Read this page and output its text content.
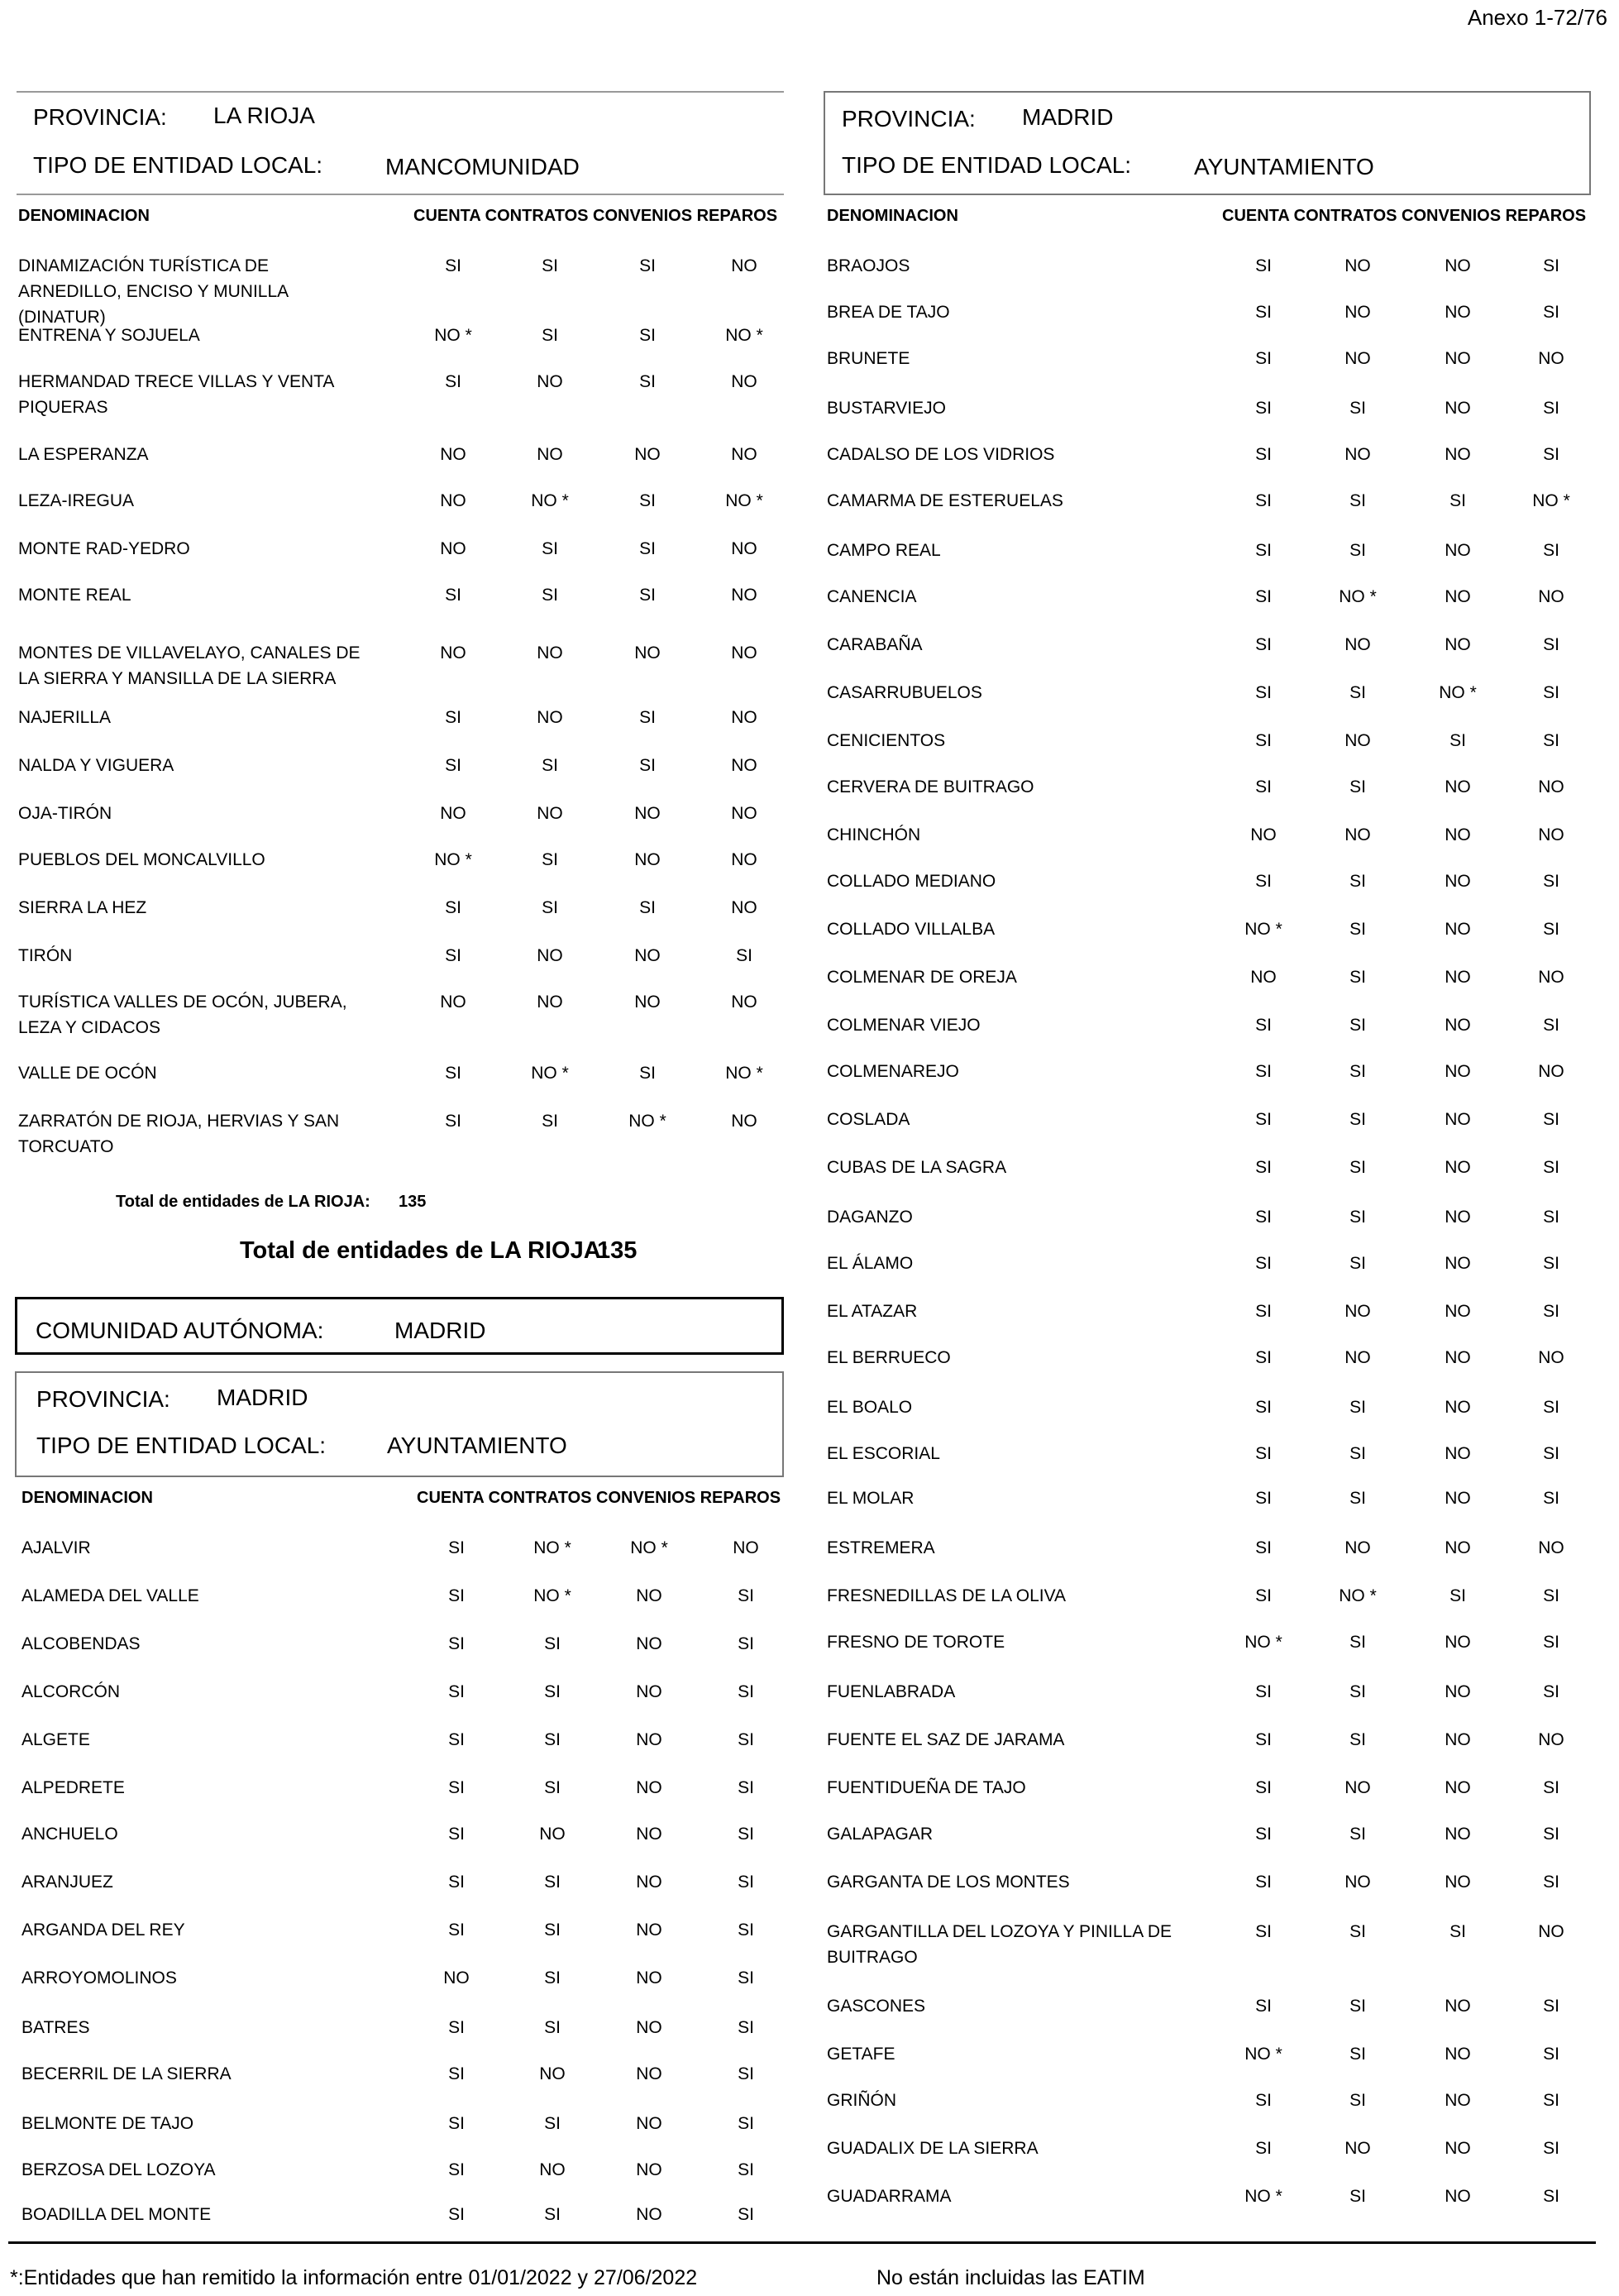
Anexo 1-72/76
PROVINCIA: LA RIOJA
TIPO DE ENTIDAD LOCAL:	MANCOMUNIDAD
DENOMINACION	CUENTA CONTRATOS CONVENIOS REPAROS
DINAMIZACIÓN TURÍSTICA DE ARNEDILLO, ENCISO Y MUNILLA (DINATUR)
SI	SI	SI	NO
ENTRENA Y SOJUELA	NO *	SI	SI	NO *
HERMANDAD TRECE VILLAS Y VENTA PIQUERAS
SI	NO	SI	NO
LA ESPERANZA	NO	NO	NO	NO
LEZA-IREGUA	NO	NO *	SI	NO *
MONTE RAD-YEDRO	NO	SI	SI	NO
MONTE REAL	SI	SI	SI	NO
MONTES DE VILLAVELAYO, CANALES DE LA SIERRA Y MANSILLA DE LA SIERRA
NO	NO	NO	NO
NAJERILLA	SI	NO	SI	NO
NALDA Y VIGUERA	SI	SI	SI	NO
OJA-TIRÓN	NO	NO	NO	NO
PUEBLOS DEL MONCALVILLO	NO *	SI	NO	NO
SIERRA LA HEZ	SI	SI	SI	NO
TIRÓN	SI	NO	NO	SI
TURÍSTICA VALLES DE OCÓN, JUBERA, LEZA Y CIDACOS
NO	NO	NO	NO
VALLE DE OCÓN	SI	NO *	SI	NO *
ZARRATÓN DE RIOJA, HERVIAS Y SAN TORCUATO
SI	SI	NO *	NO
Total de entidades de LA RIOJA: 135
Total de entidades de LA RIOJA:
135
COMUNIDAD AUTÓNOMA:	MADRID
PROVINCIA: MADRID
TIPO DE ENTIDAD LOCAL:	AYUNTAMIENTO
DENOMINACION	CUENTA CONTRATOS CONVENIOS REPAROS
AJALVIR	SI	NO *	NO *	NO
ALAMEDA DEL VALLE	SI	NO *	NO	SI
ALCOBENDAS	SI	SI	NO	SI
ALCORCÓN	SI	SI	NO	SI
ALGETE	SI	SI	NO	SI
ALPEDRETE	SI	SI	NO	SI
ANCHUELO	SI	NO	NO	SI
ARANJUEZ	SI	SI	NO	SI
ARGANDA DEL REY	SI	SI	NO	SI
ARROYOMOLINOS	NO	SI	NO	SI
BATRES	SI	SI	NO	SI
BECERRIL DE LA SIERRA	SI	NO	NO	SI
BELMONTE DE TAJO	SI	SI	NO	SI
BERZOSA DEL LOZOYA	SI	NO	NO	SI
BOADILLA DEL MONTE	SI	SI	NO	SI
PROVINCIA: MADRID
TIPO DE ENTIDAD LOCAL:	AYUNTAMIENTO
DENOMINACION	CUENTA CONTRATOS CONVENIOS REPAROS
BRAOJOS	SI	NO	NO	SI
BREA DE TAJO	SI	NO	NO	SI
BRUNETE	SI	NO	NO	NO
BUSTARVIEJO	SI	SI	NO	SI
CADALSO DE LOS VIDRIOS	SI	NO	NO	SI
CAMARMA DE ESTERUELAS	SI	SI	SI	NO *
CAMPO REAL	SI	SI	NO	SI
CANENCIA	SI	NO *	NO	NO
CARABAÑA	SI	NO	NO	SI
CASARRUBUELOS	SI	SI	NO *	SI
CENICIENTOS	SI	NO	SI	SI
CERVERA DE BUITRAGO	SI	SI	NO	NO
CHINCHÓN	NO	NO	NO	NO
COLLADO MEDIANO	SI	SI	NO	SI
COLLADO VILLALBA	NO *	SI	NO	SI
COLMENAR DE OREJA	NO	SI	NO	NO
COLMENAR VIEJO	SI	SI	NO	SI
COLMENAREJO	SI	SI	NO	NO
COSLADA	SI	SI	NO	SI
CUBAS DE LA SAGRA	SI	SI	NO	SI
DAGANZO	SI	SI	NO	SI
EL ÁLAMO	SI	SI	NO	SI
EL ATAZAR	SI	NO	NO	SI
EL BERRUECO	SI	NO	NO	NO
EL BOALO	SI	SI	NO	SI
EL ESCORIAL	SI	SI	NO	SI
EL MOLAR	SI	SI	NO	SI
ESTREMERA	SI	NO	NO	NO
FRESNEDILLAS DE LA OLIVA	SI	NO *	SI	SI
FRESNO DE TOROTE	NO *	SI	NO	SI
FUENLABRADA	SI	SI	NO	SI
FUENTE EL SAZ DE JARAMA	SI	SI	NO	NO
FUENTIDUEÑA DE TAJO	SI	NO	NO	SI
GALAPAGAR	SI	SI	NO	SI
GARGANTA DE LOS MONTES	SI	NO	NO	SI
GARGANTILLA DEL LOZOYA Y PINILLA DE BUITRAGO
SI	SI	SI	NO
GASCONES	SI	SI	NO	SI
GETAFE	NO *	SI	NO	SI
GRIÑÓN	SI	SI	NO	SI
GUADALIX DE LA SIERRA	SI	NO	NO	SI
GUADARRAMA	NO *	SI	NO	SI
*:Entidades que han remitido la información entre 01/01/2022 y 27/06/2022	No están incluidas las EATIM
